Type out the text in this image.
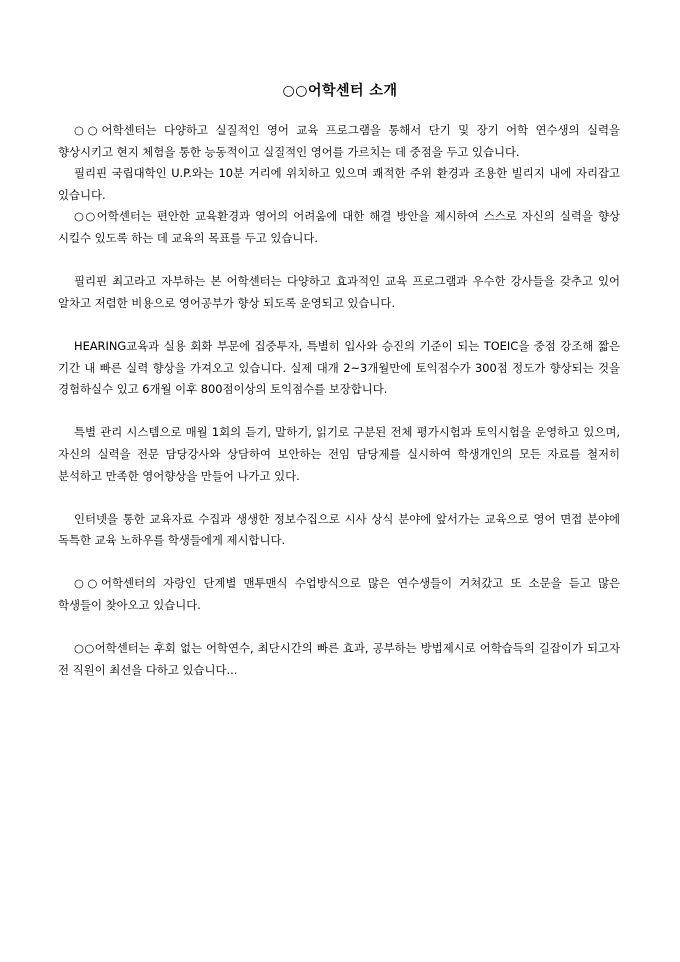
○○어학센터 소개

○○어학센터는 다양하고 실질적인 영어 교육 프로그램을 통해서 단기 및 장기 어학 연수생의 실력을 향상시키고 현지 체험을 통한 능동적이고 실질적인 영어를 가르치는 데 중점을 두고 있습니다.

필리핀 국립대학인 U.P.와는 10분 거리에 위치하고 있으며 쾌적한 주위 환경과 조용한 빌리지 내에 자리잡고 있습니다.

○○어학센터는 편안한 교육환경과 영어의 어려움에 대한 해결 방안을 제시하여 스스로 자신의 실력을 향상 시킬수 있도록 하는 데 교육의 목표를 두고 있습니다.

필리핀 최고라고 자부하는 본 어학센터는 다양하고 효과적인 교육 프로그램과 우수한 강사들을 갖추고 있어 알차고 저렴한 비용으로 영어공부가 향상 되도록 운영되고 있습니다.

HEARING교육과 실용 회화 부문에 집중투자, 특별히 입사와 승진의 기준이 되는 TOEIC을 중점 강조해 짧은 기간 내 빠른 실력 향상을 가져오고 있습니다. 실제 대개 2~3개월만에 토익점수가 300점 정도가 향상되는 것을 경험하실수 있고 6개월 이후 800점이상의 토익점수를 보장합니다.

특별 관리 시스템으로 매월 1회의 듣기, 말하기, 읽기로 구분된 전체 평가시험과 토익시험을 운영하고 있으며, 자신의 실력을 전문 담당강사와 상담하여 보안하는 전임 담당제를 실시하여 학생개인의 모든 자료를 철저히 분석하고 만족한 영어향상을 만들어 나가고 있다.

인터넷을 통한 교육자료 수집과 생생한 정보수집으로 시사 상식 분야에 앞서가는 교육으로 영어 면접 분야에 독특한 교육 노하우를 학생들에게 제시합니다.

○○어학센터의 자랑인 단계별 맨투맨식 수업방식으로 많은 연수생들이 거쳐갔고 또 소문을 듣고 많은 학생들이 찾아오고 있습니다.

○○어학센터는 후회 없는 어학연수, 최단시간의 빠른 효과, 공부하는 방법제시로 어학습득의 길잡이가 되고자 전 직원이 최선을 다하고 있습니다...
